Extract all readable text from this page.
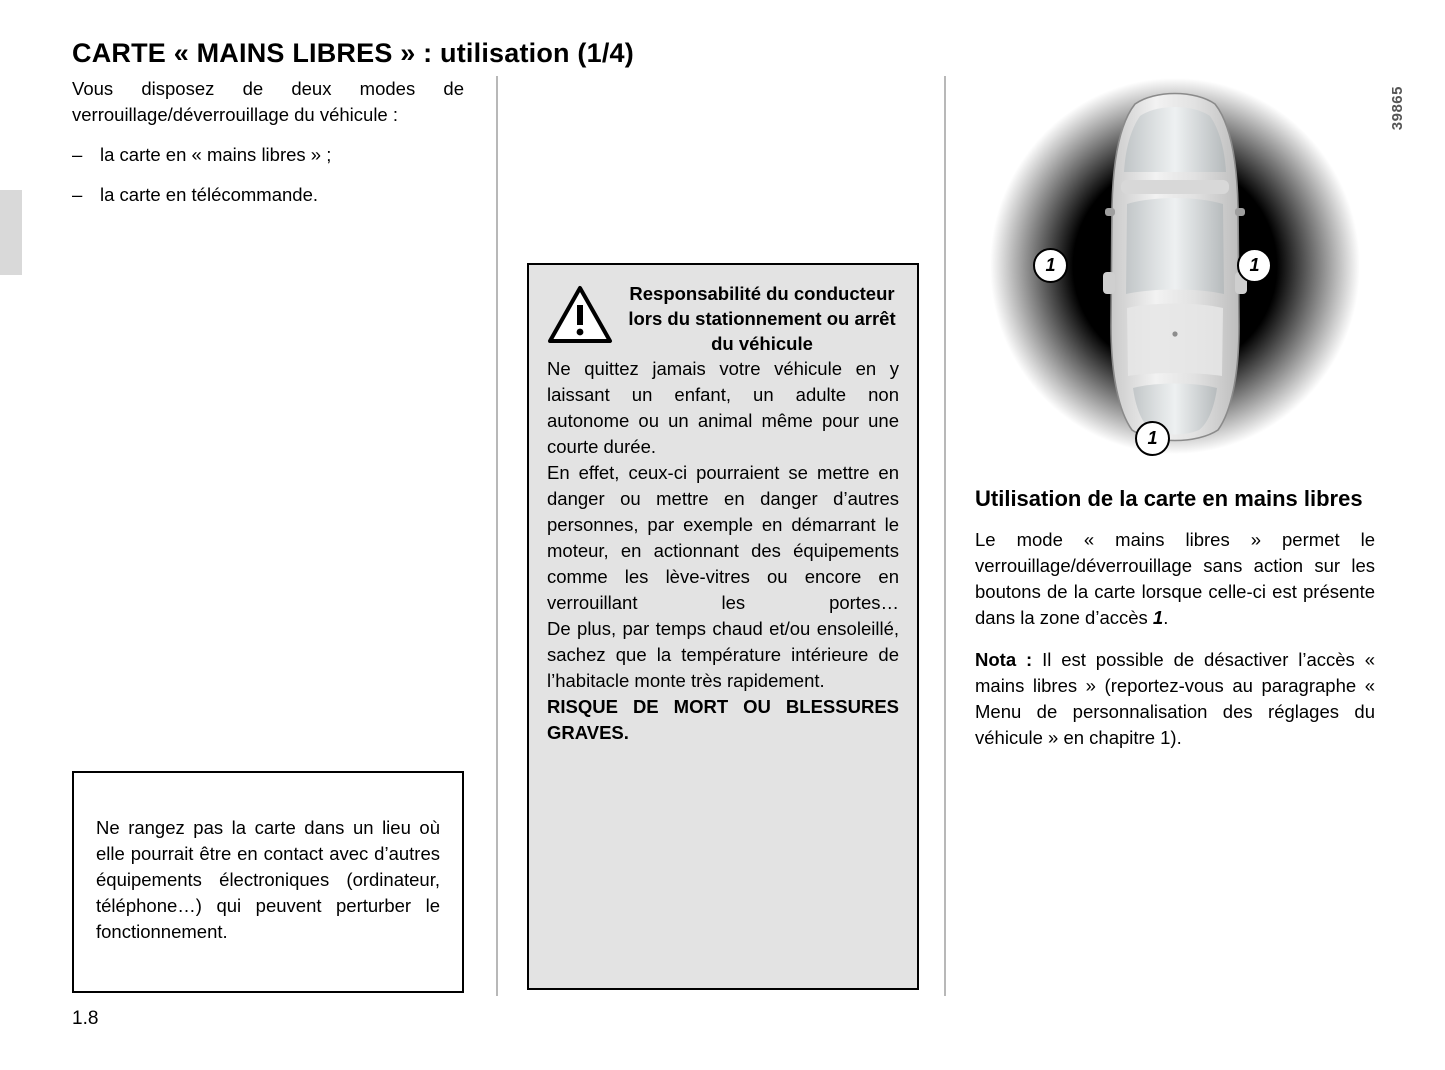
CARTE « MAINS LIBRES » : utilisation (1/4)

Vous disposez de deux modes de verrouillage/déverrouillage du véhicule :

– la carte en « mains libres » ;
– la carte en télécommande.
Ne rangez pas la carte dans un lieu où elle pourrait être en contact avec d’autres équipements électroniques (ordinateur, téléphone…) qui peuvent perturber le fonctionnement.
Responsabilité du conducteur lors du stationnement ou arrêt du véhicule

Ne quittez jamais votre véhicule en y laissant un enfant, un adulte non autonome ou un animal même pour une courte durée.

En effet, ceux-ci pourraient se mettre en danger ou mettre en danger d’autres personnes, par exemple en démarrant le moteur, en actionnant des équipements comme les lève-vitres ou encore en verrouillant les portes…

De plus, par temps chaud et/ou ensoleillé, sachez que la température intérieure de l’habitacle monte très rapidement.

RISQUE DE MORT OU BLESSURES GRAVES.

39865
1	1
1
Utilisation de la carte en mains libres

Le mode « mains libres » permet le verrouillage/déverrouillage sans action sur les boutons de la carte lorsque celle-ci est présente dans la zone d’accès 1.

Nota : Il est possible de désactiver l’accès « mains libres » (reportez-vous au paragraphe « Menu de personnalisation des réglages du véhicule » en chapitre 1).

1.8
